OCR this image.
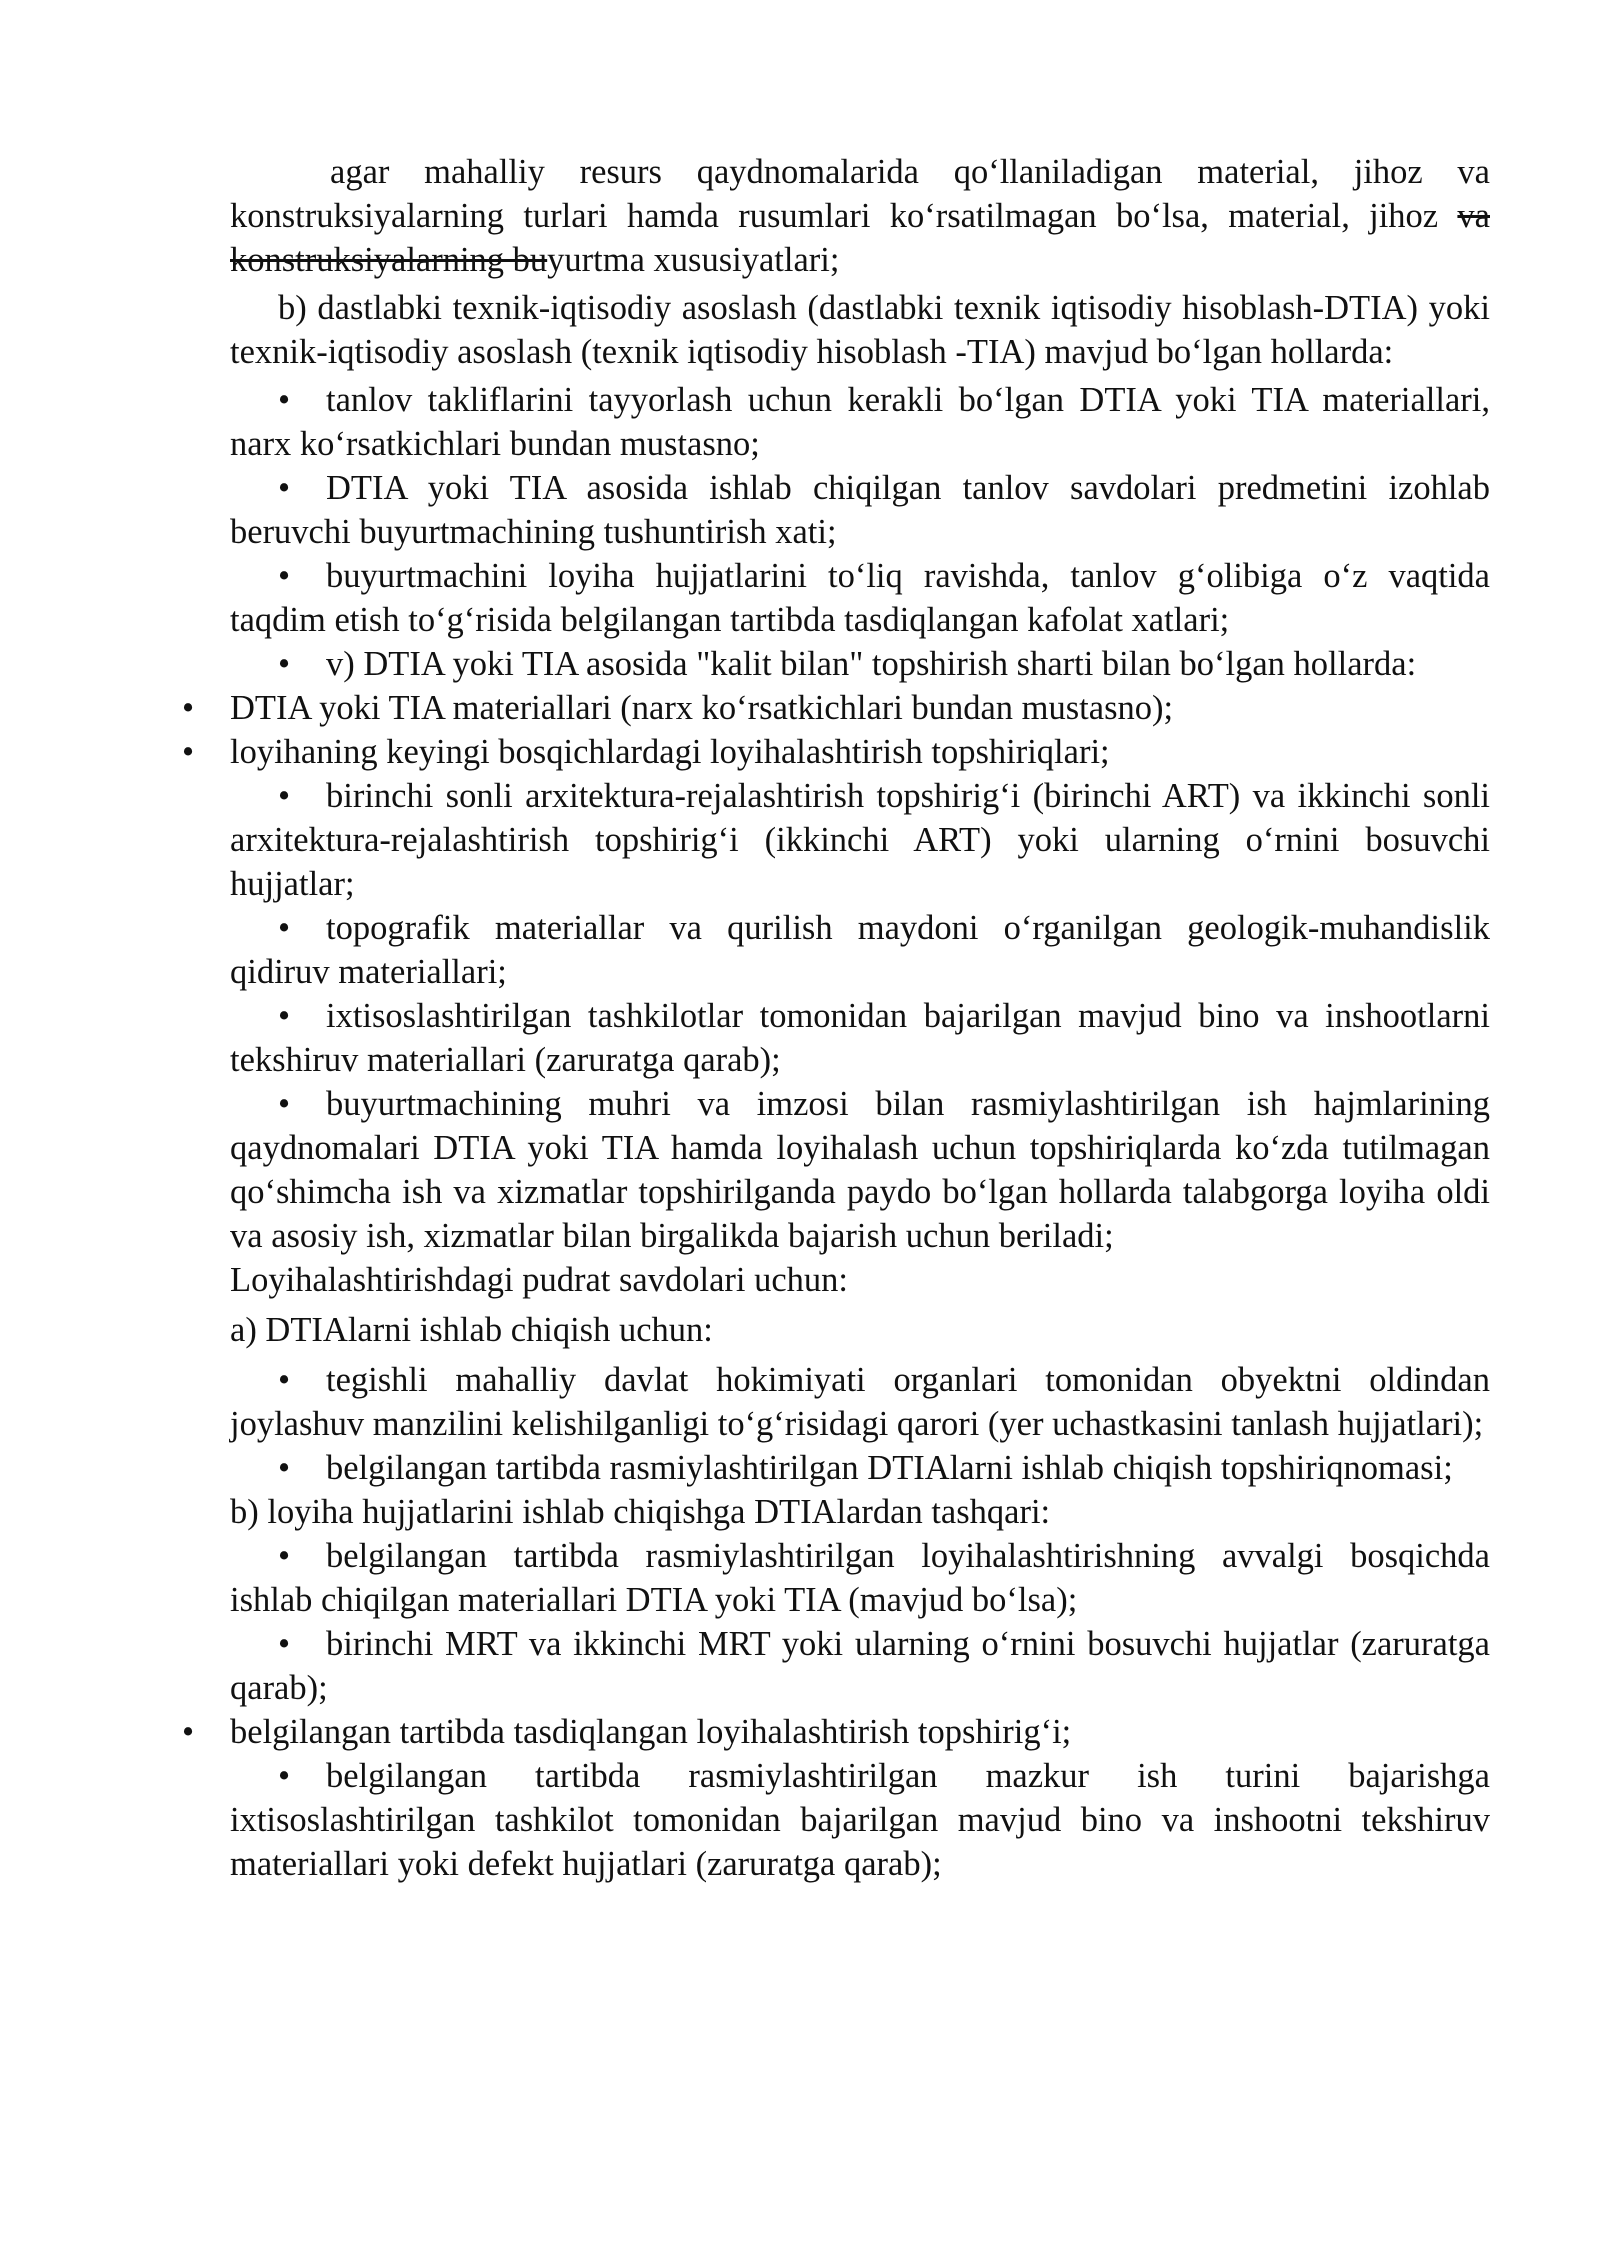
agar mahalliy resurs qaydnomalarida qo‘llaniladigan material, jihoz va konstruksiyalarning turlari hamda rusumlari ko‘rsatilmagan bo‘lsa, material, jihoz va konstruksiyalarning buyurtma xususiyatlari;

b) dastlabki texnik-iqtisodiy asoslash (dastlabki texnik iqtisodiy hisoblash-DTIA) yoki texnik-iqtisodiy asoslash (texnik iqtisodiy hisoblash -TIA) mavjud bo‘lgan hollarda:

• tanlov takliflarini tayyorlash uchun kerakli bo‘lgan DTIA yoki TIA materiallari, narx ko‘rsatkichlari bundan mustasno;

• DTIA yoki TIA asosida ishlab chiqilgan tanlov savdolari predmetini izohlab beruvchi buyurtmachining tushuntirish xati;

• buyurtmachini loyiha hujjatlarini to‘liq ravishda, tanlov g‘olibiga o‘z vaqtida taqdim etish to‘g‘risida belgilangan tartibda tasdiqlangan kafolat xatlari;

• v) DTIA yoki TIA asosida "kalit bilan" topshirish sharti bilan bo‘lgan hollarda:

• DTIA yoki TIA materiallari (narx ko‘rsatkichlari bundan mustasno);

• loyihaning keyingi bosqichlardagi loyihalashtirish topshiriqlari;

• birinchi sonli arxitektura-rejalashtirish topshirig‘i (birinchi ART) va ikkinchi sonli arxitektura-rejalashtirish topshirig‘i (ikkinchi ART) yoki ularning o‘rnini bosuvchi hujjatlar;

• topografik materiallar va qurilish maydoni o‘rganilgan geologik-muhandislik qidiruv materiallari;

• ixtisoslashtirilgan tashkilotlar tomonidan bajarilgan mavjud bino va inshootlarni tekshiruv materiallari (zaruratga qarab);

• buyurtmachining muhri va imzosi bilan rasmiylashtirilgan ish hajmlarining qaydnomalari DTIA yoki TIA hamda loyihalash uchun topshiriqlarda ko‘zda tutilmagan qo‘shimcha ish va xizmatlar topshirilganda paydo bo‘lgan hollarda talabgorga loyiha oldi va asosiy ish, xizmatlar bilan birgalikda bajarish uchun beriladi;

Loyihalashtirishdagi pudrat savdolari uchun:

a) DTIAlarni ishlab chiqish uchun:

• tegishli mahalliy davlat hokimiyati organlari tomonidan obyektni oldindan joylashuv manzilini kelishilganligi to‘g‘risidagi qarori (yer uchastkasini tanlash hujjatlari);

• belgilangan tartibda rasmiylashtirilgan DTIAlarni ishlab chiqish topshiriqnomasi;

b) loyiha hujjatlarini ishlab chiqishga DTIAlardan tashqari:

• belgilangan tartibda rasmiylashtirilgan loyihalashtirishning avvalgi bosqichda ishlab chiqilgan materiallari DTIA yoki TIA (mavjud bo‘lsa);

• birinchi MRT va ikkinchi MRT yoki ularning o‘rnini bosuvchi hujjatlar (zaruratga qarab);

• belgilangan tartibda tasdiqlangan loyihalashtirish topshirig‘i;

• belgilangan tartibda rasmiylashtirilgan mazkur ish turini bajarishga ixtisoslashtirilgan tashkilot tomonidan bajarilgan mavjud bino va inshootni tekshiruv materiallari yoki defekt hujjatlari (zaruratga qarab);
